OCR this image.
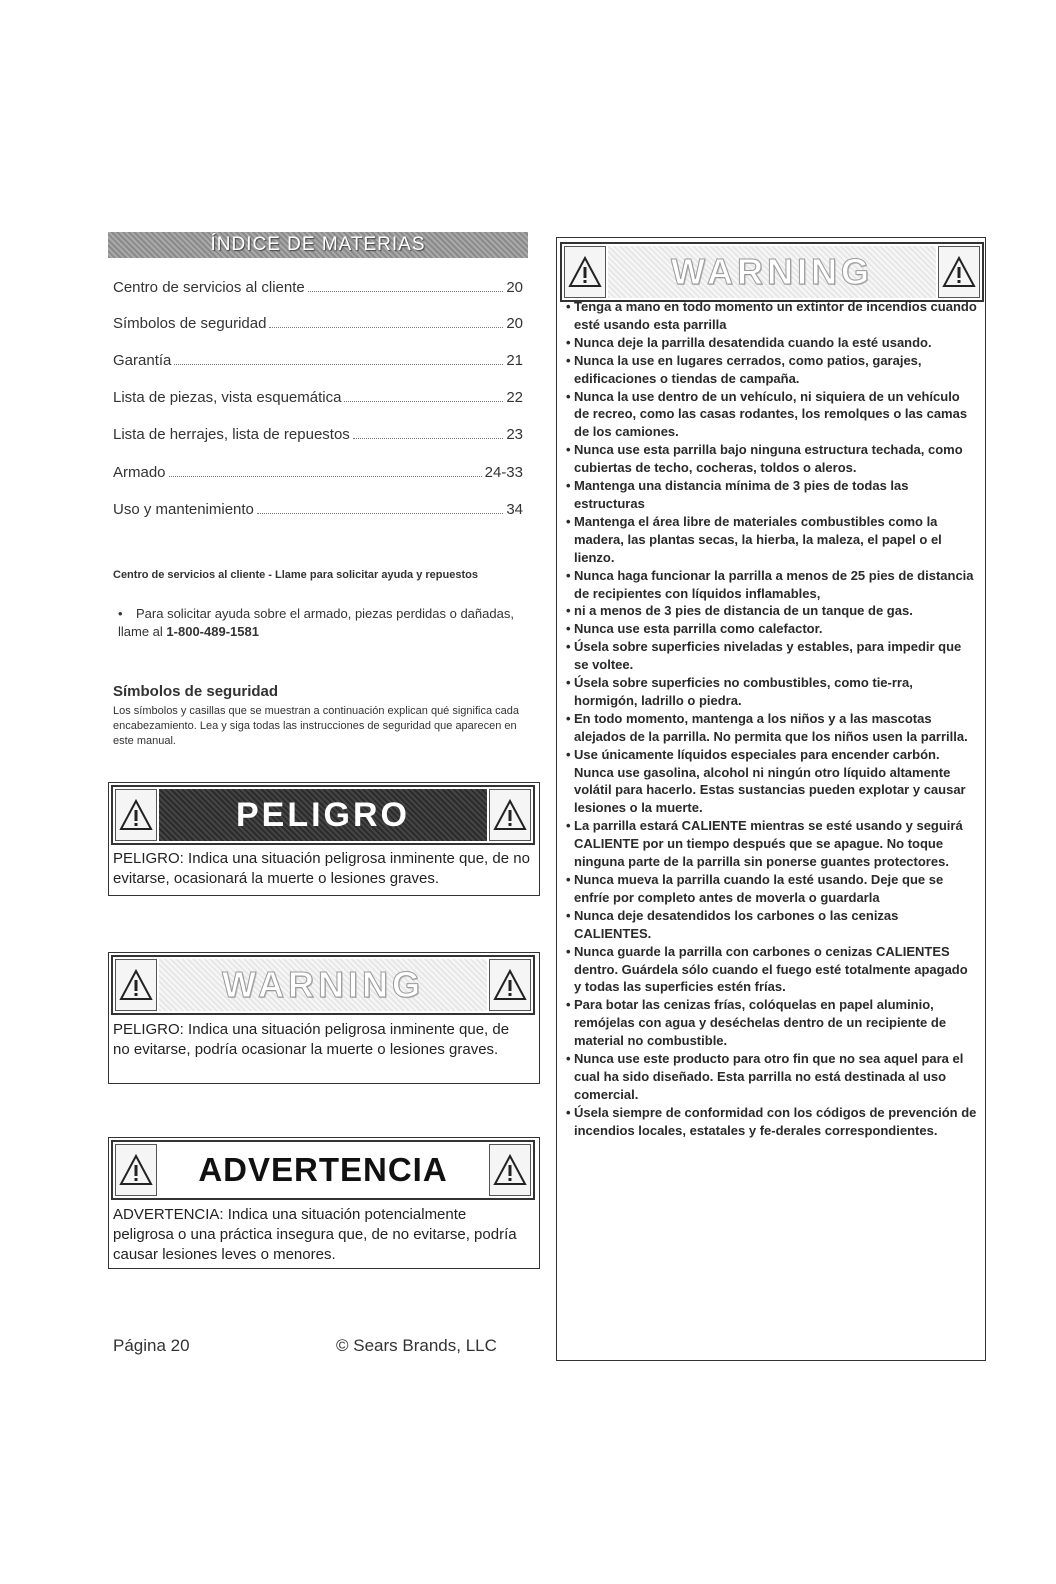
ÍNDICE DE MATERIAS
Centro de servicios al cliente	20
Símbolos de seguridad	20
Garantía	21
Lista de piezas, vista esquemática	22
Lista de herrajes, lista de repuestos	23
Armado	24-33
Uso y mantenimiento	34
Centro de servicios al cliente - Llame para solicitar ayuda y repuestos
• Para solicitar ayuda sobre el armado, piezas perdidas o dañadas, llame al 1-800-489-1581
Símbolos de seguridad
Los símbolos y casillas que se muestran a continuación explican qué significa cada encabezamiento. Lea y siga todas las instrucciones de seguridad que aparecen en este manual.
PELIGRO
PELIGRO: Indica una situación peligrosa inminente que, de no evitarse, ocasionará la muerte o lesiones graves.
WARNING
PELIGRO: Indica una situación peligrosa inminente que, de no evitarse, podría ocasionar la muerte o lesiones graves.
ADVERTENCIA
ADVERTENCIA: Indica una situación potencialmente peligrosa o una práctica insegura que, de no evitarse, podría causar lesiones leves o menores.
Página 20	© Sears Brands, LLC
WARNING
• Tenga a mano en todo momento un extintor de incendios cuando esté usando esta parrilla
• Nunca deje la parrilla desatendida cuando la esté usando.
• Nunca la use en lugares cerrados, como patios, garajes, edificaciones o tiendas de campaña.
• Nunca la use dentro de un vehículo, ni siquiera de un vehículo de recreo, como las casas rodantes, los remolques o las camas de los camiones.
• Nunca use esta parrilla bajo ninguna estructura techada, como cubiertas de techo, cocheras, toldos o aleros.
• Mantenga una distancia mínima de 3 pies de todas las estructuras
• Mantenga el área libre de materiales combustibles como la madera, las plantas secas, la hierba, la maleza, el papel o el lienzo.
• Nunca haga funcionar la parrilla a menos de 25 pies de distancia de recipientes con líquidos inflamables,
• ni a menos de 3 pies de distancia de un tanque de gas.
• Nunca use esta parrilla como calefactor.
• Úsela sobre superficies niveladas y estables, para impedir que se voltee.
• Úsela sobre superficies no combustibles, como tie-rra, hormigón, ladrillo o piedra.
• En todo momento, mantenga a los niños y a las mascotas alejados de la parrilla. No permita que los niños usen la parrilla.
• Use únicamente líquidos especiales para encender carbón. Nunca use gasolina, alcohol ni ningún otro líquido altamente volátil para hacerlo. Estas sustancias pueden explotar y causar lesiones o la muerte.
• La parrilla estará CALIENTE mientras se esté usando y seguirá CALIENTE por un tiempo después que se apague. No toque ninguna parte de la parrilla sin ponerse guantes protectores.
• Nunca mueva la parrilla cuando la esté usando. Deje que se enfríe por completo antes de moverla o guardarla
• Nunca deje desatendidos los carbones o las cenizas CALIENTES.
• Nunca guarde la parrilla con carbones o cenizas CALIENTES dentro. Guárdela sólo cuando el fuego esté totalmente apagado y todas las superficies estén frías.
• Para botar las cenizas frías, colóquelas en papel aluminio, remójelas con agua y deséchelas dentro de un recipiente de material no combustible.
• Nunca use este producto para otro fin que no sea aquel para el cual ha sido diseñado. Esta parrilla no está destinada al uso comercial.
• Úsela siempre de conformidad con los códigos de prevención de incendios locales, estatales y fe-derales correspondientes.
